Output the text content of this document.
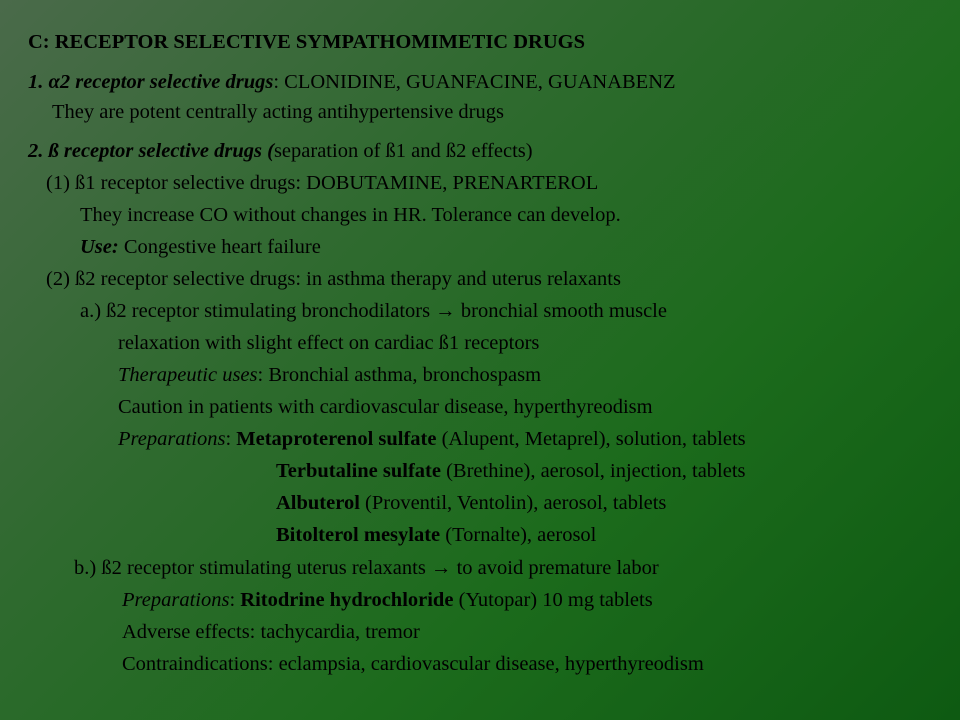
C: RECEPTOR SELECTIVE SYMPATHOMIMETIC DRUGS
1. α2 receptor selective drugs: CLONIDINE, GUANFACINE, GUANABENZ
They are potent centrally acting antihypertensive drugs
2. ß receptor selective drugs (separation of ß1 and ß2 effects)
(1) ß1 receptor selective drugs: DOBUTAMINE, PRENARTEROL
They increase CO without changes in HR. Tolerance can develop.
Use: Congestive heart failure
(2) ß2 receptor selective drugs: in asthma therapy and uterus relaxants
a.) ß2 receptor stimulating bronchodilators → bronchial smooth muscle
relaxation with slight effect on cardiac ß1 receptors
Therapeutic uses: Bronchial asthma, bronchospasm
Caution in patients with cardiovascular disease, hyperthyreodism
Preparations: Metaproterenol sulfate (Alupent, Metaprel), solution, tablets
Terbutaline sulfate (Brethine), aerosol, injection, tablets
Albuterol (Proventil, Ventolin), aerosol, tablets
Bitolterol mesylate (Tornalte), aerosol
b.) ß2 receptor stimulating uterus relaxants → to avoid premature labor
Preparations: Ritodrine hydrochloride (Yutopar) 10 mg tablets
Adverse effects: tachycardia, tremor
Contraindications: eclampsia, cardiovascular disease, hyperthyreodism
